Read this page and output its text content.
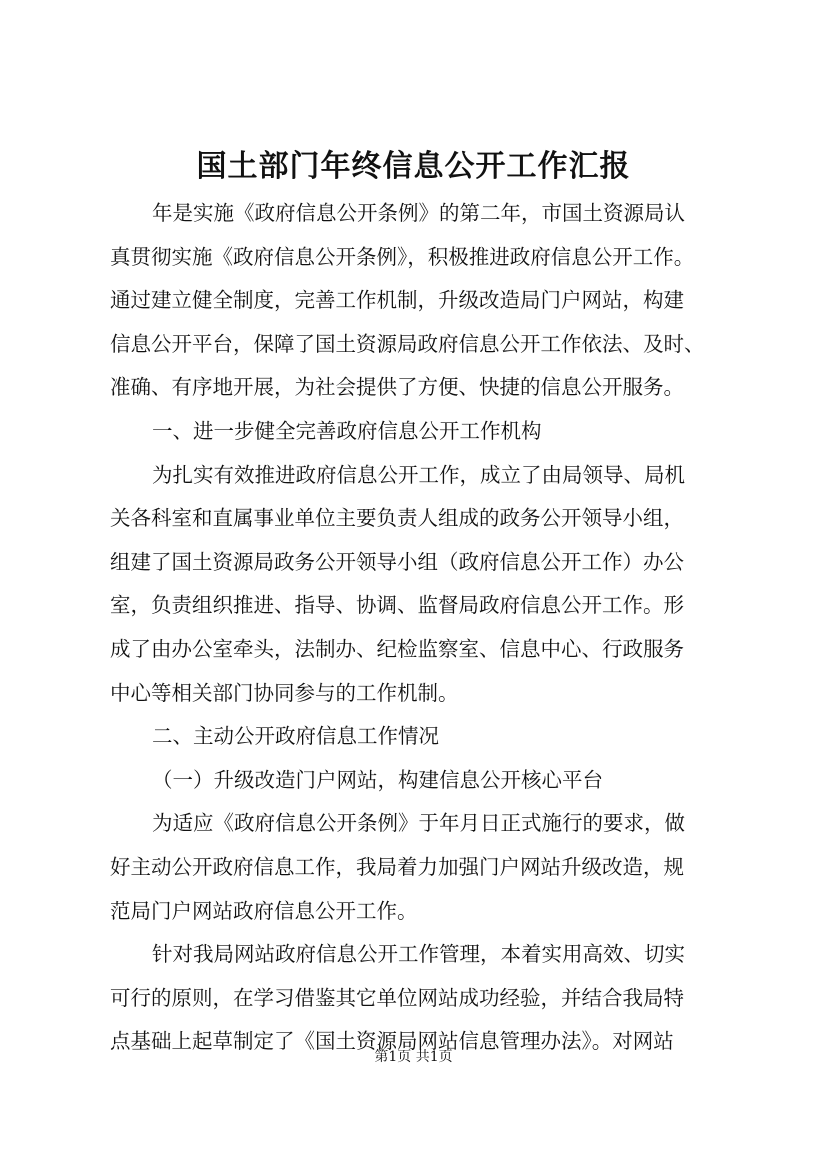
国土部门年终信息公开工作汇报
年是实施《政府信息公开条例》的第二年，市国土资源局认
真贯彻实施《政府信息公开条例》，积极推进政府信息公开工作。
通过建立健全制度，完善工作机制，升级改造局门户网站，构建
信息公开平台，保障了国土资源局政府信息公开工作依法、及时、
准确、有序地开展，为社会提供了方便、快捷的信息公开服务。
一、进一步健全完善政府信息公开工作机构
为扎实有效推进政府信息公开工作，成立了由局领导、局机
关各科室和直属事业单位主要负责人组成的政务公开领导小组，
组建了国土资源局政务公开领导小组（政府信息公开工作）办公
室，负责组织推进、指导、协调、监督局政府信息公开工作。形
成了由办公室牵头，法制办、纪检监察室、信息中心、行政服务
中心等相关部门协同参与的工作机制。
二、主动公开政府信息工作情况
（一）升级改造门户网站，构建信息公开核心平台
为适应《政府信息公开条例》于年月日正式施行的要求，做
好主动公开政府信息工作，我局着力加强门户网站升级改造，规
范局门户网站政府信息公开工作。
针对我局网站政府信息公开工作管理，本着实用高效、切实
可行的原则，在学习借鉴其它单位网站成功经验，并结合我局特
点基础上起草制定了《国土资源局网站信息管理办法》。对网站
第1页 共1页
